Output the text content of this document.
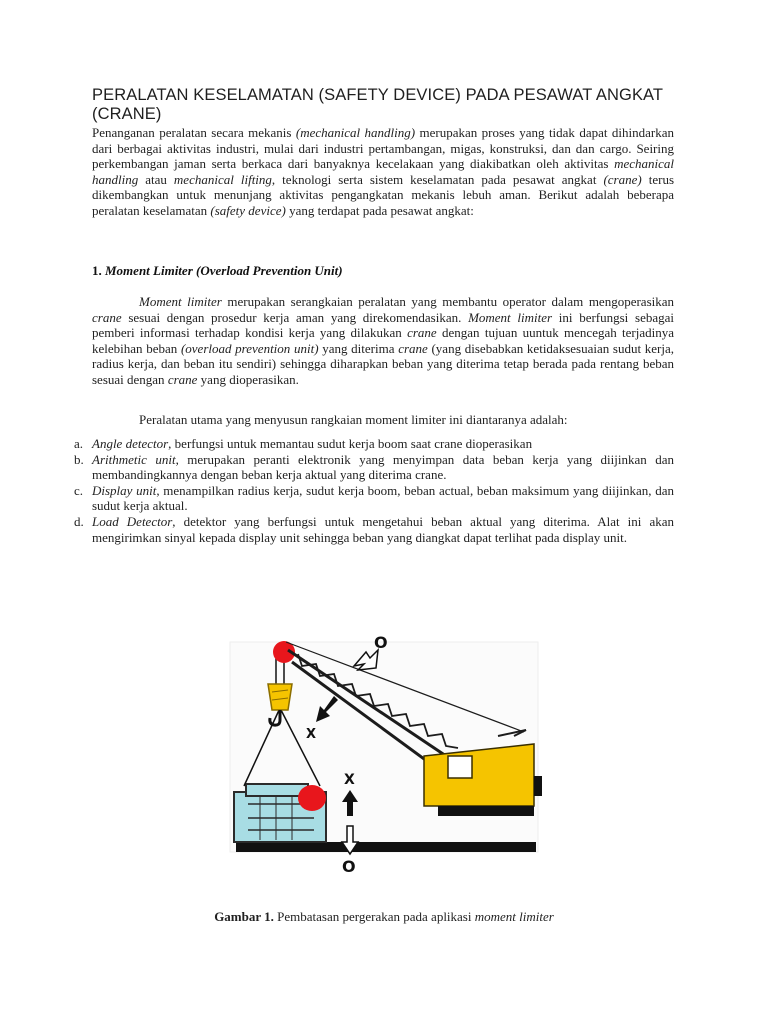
PERALATAN KESELAMATAN (SAFETY DEVICE) PADA PESAWAT ANGKAT (CRANE)

Penanganan peralatan secara mekanis (mechanical handling) merupakan proses yang tidak dapat dihindarkan dari berbagai aktivitas industri, mulai dari industri pertambangan, migas, konstruksi, dan dan cargo. Seiring perkembangan jaman serta berkaca dari banyaknya kecelakaan yang diakibatkan oleh aktivitas mechanical handling atau mechanical lifting, teknologi serta sistem keselamatan pada pesawat angkat (crane) terus dikembangkan untuk menunjang aktivitas pengangkatan mekanis lebuh aman. Berikut adalah beberapa peralatan keselamatan (safety device) yang terdapat pada pesawat angkat:

1. Moment Limiter (Overload Prevention Unit)

Moment limiter merupakan serangkaian peralatan yang membantu operator dalam mengoperasikan crane sesuai dengan prosedur kerja aman yang direkomendasikan. Moment limiter ini berfungsi sebagai pemberi informasi terhadap kondisi kerja yang dilakukan crane dengan tujuan uuntuk mencegah terjadinya kelebihan beban (overload prevention unit) yang diterima crane (yang disebabkan ketidaksesuaian sudut kerja, radius kerja, dan beban itu sendiri) sehingga diharapkan beban yang diterima tetap berada pada rentang beban sesuai dengan crane yang dioperasikan.

Peralatan utama yang menyusun rangkaian moment limiter ini diantaranya adalah:

a. Angle detector, berfungsi untuk memantau sudut kerja boom saat crane dioperasikan
b. Arithmetic unit, merupakan peranti elektronik yang menyimpan data beban kerja yang diijinkan dan membandingkannya dengan beban kerja aktual yang diterima crane.
c. Display unit, menampilkan radius kerja, sudut kerja boom, beban actual, beban maksimum yang diijinkan, dan sudut kerja aktual.
d. Load Detector, detektor yang berfungsi untuk mengetahui beban aktual yang diterima. Alat ini akan mengirimkan sinyal kepada display unit sehingga beban yang diangkat dapat terlihat pada display unit.
O
X
X
O

Gambar 1. Pembatasan pergerakan pada aplikasi moment limiter
